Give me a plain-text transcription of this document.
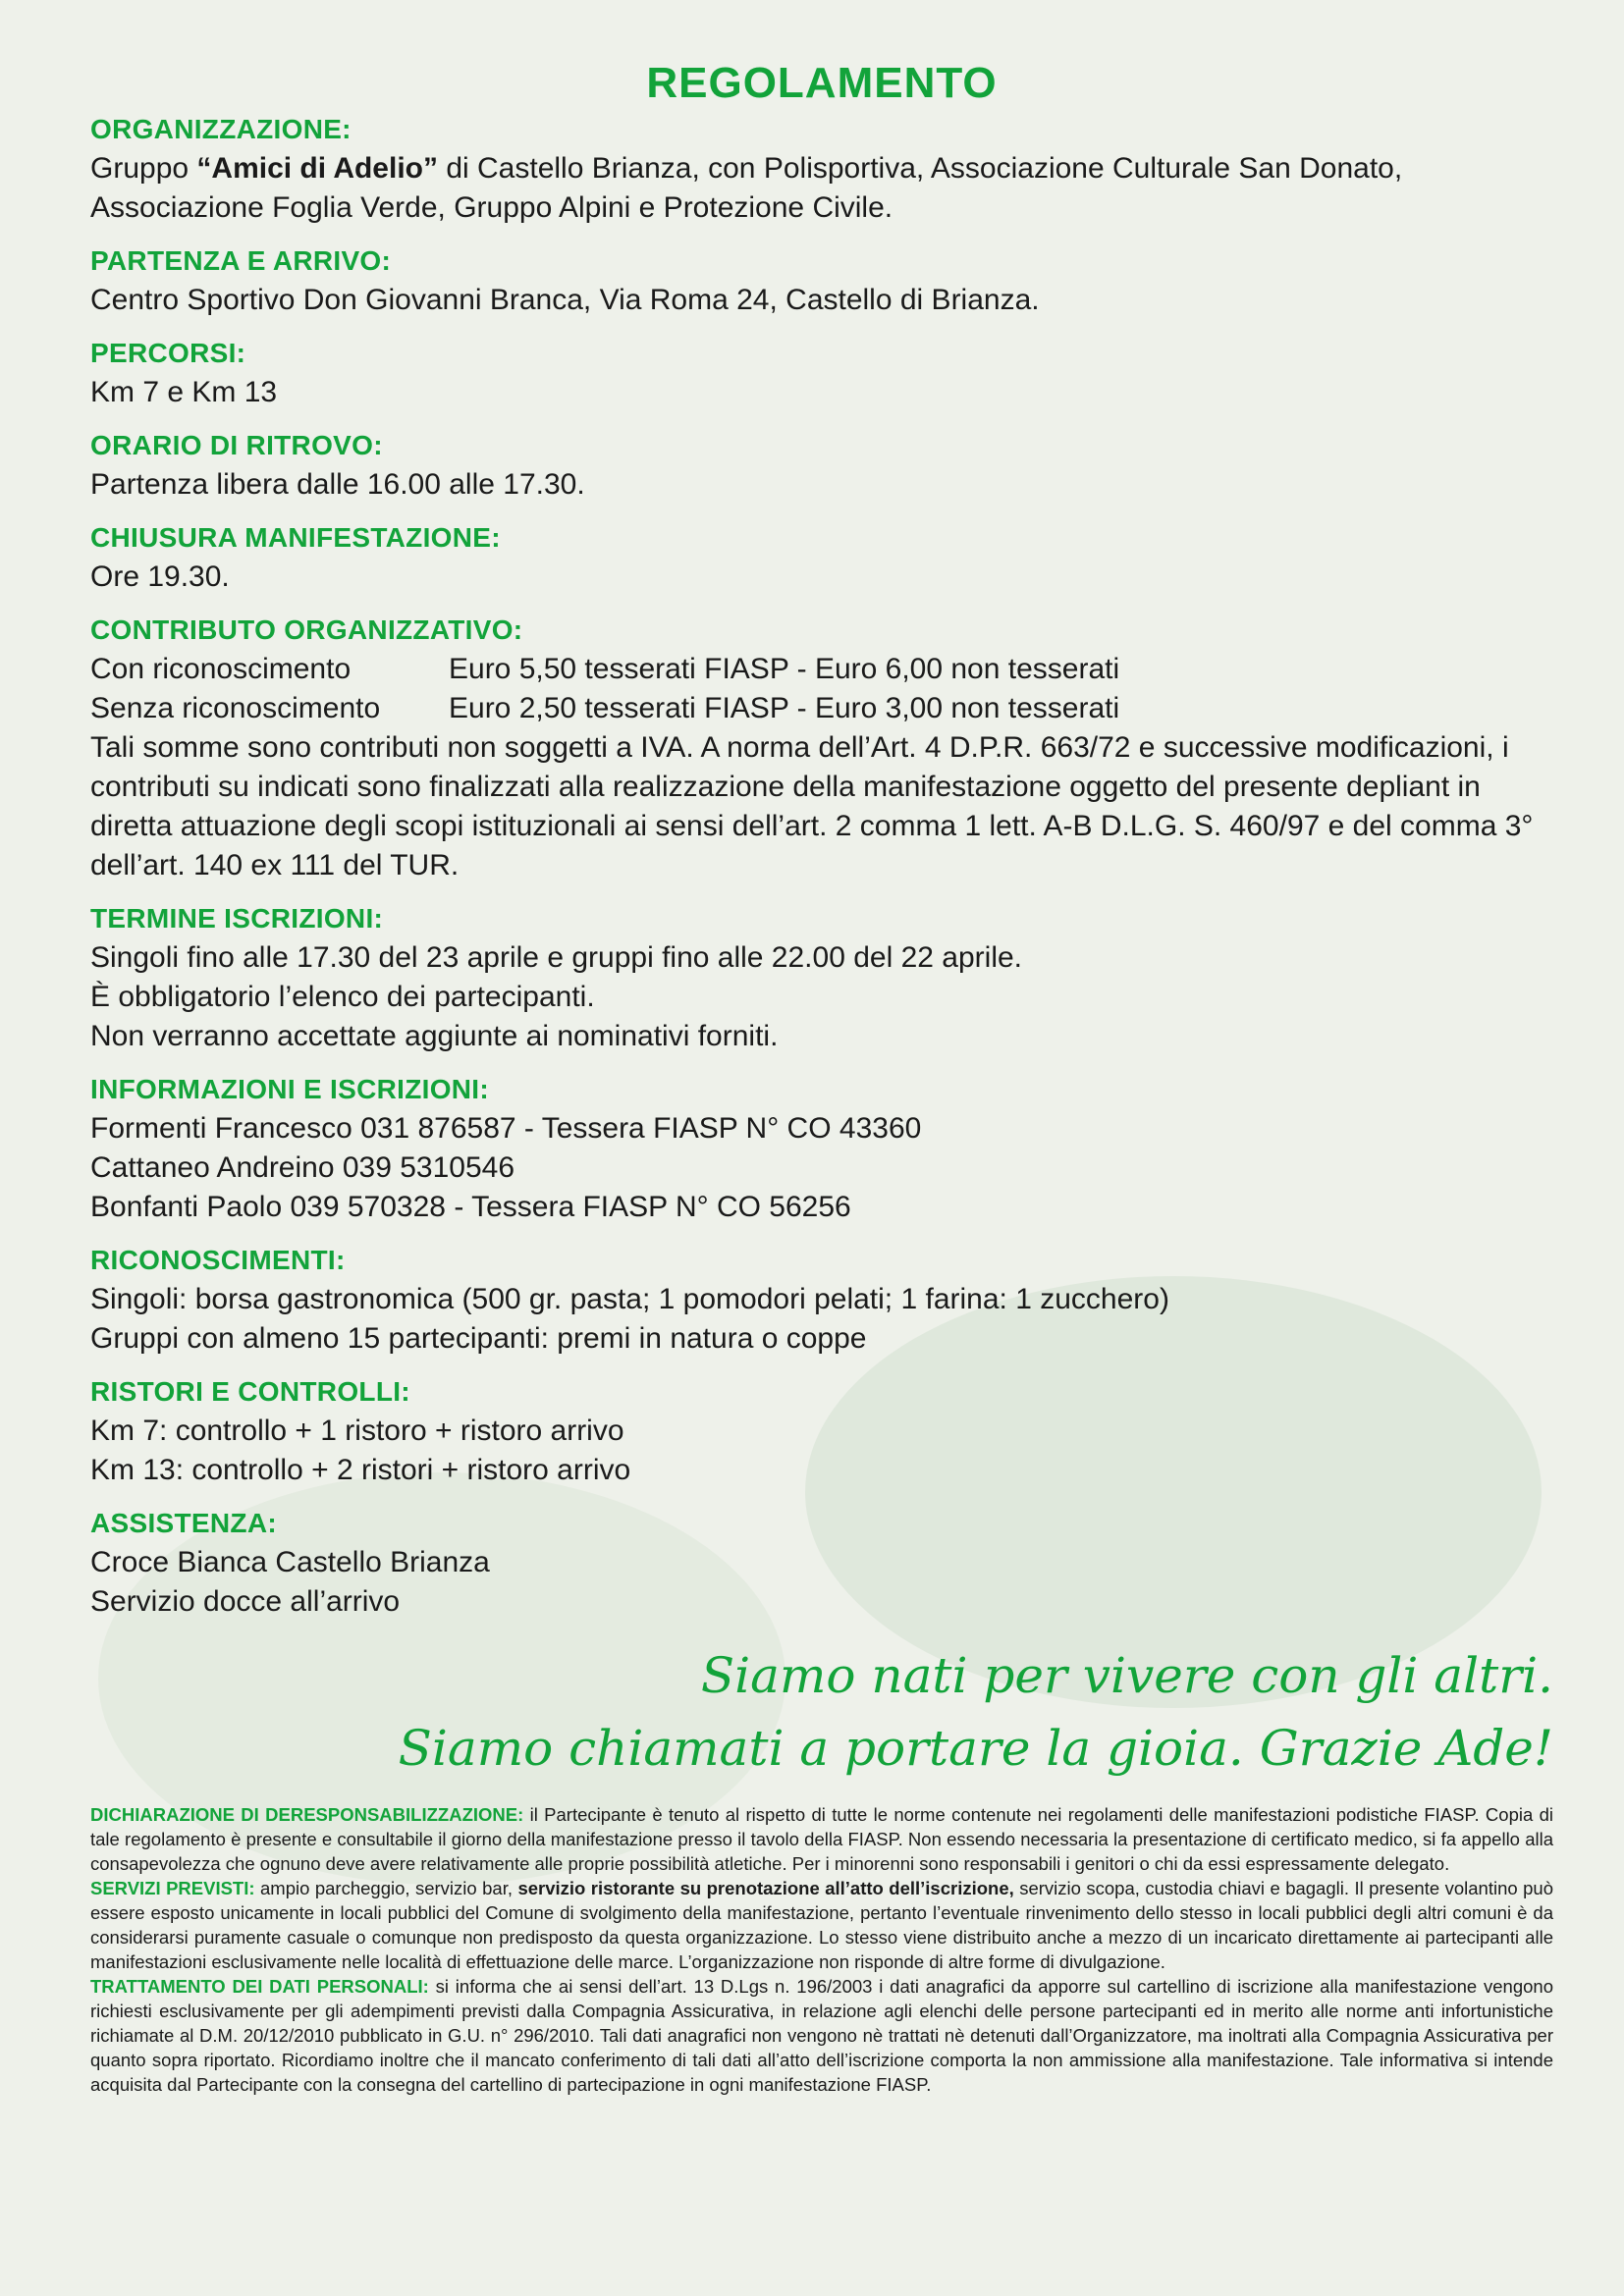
REGOLAMENTO
ORGANIZZAZIONE:

Gruppo “Amici di Adelio” di Castello Brianza, con Polisportiva, Associazione Culturale San Donato, Associazione Foglia Verde, Gruppo Alpini e Protezione Civile.

PARTENZA E ARRIVO:

Centro Sportivo Don Giovanni Branca, Via Roma 24, Castello di Brianza.

PERCORSI:

Km 7 e Km 13

ORARIO DI RITROVO:

Partenza libera dalle 16.00 alle 17.30.

CHIUSURA MANIFESTAZIONE:

Ore 19.30.

CONTRIBUTO ORGANIZZATIVO:
Con riconoscimento	Euro 5,50 tesserati FIASP - Euro 6,00 non tesserati
Senza riconoscimento	Euro 2,50 tesserati FIASP - Euro 3,00 non tesserati

Tali somme sono contributi non soggetti a IVA. A norma dell’Art. 4 D.P.R. 663/72 e successive modificazioni, i contributi su indicati sono finalizzati alla realizzazione della manifestazione oggetto del presente depliant in diretta attuazione degli scopi istituzionali ai sensi dell’art. 2 comma 1 lett. A-B D.L.G. S. 460/97 e del comma 3° dell’art. 140 ex 111 del TUR.

TERMINE ISCRIZIONI:

Singoli fino alle 17.30 del 23 aprile e gruppi fino alle 22.00 del 22 aprile.

È obbligatorio l’elenco dei partecipanti.

Non verranno accettate aggiunte ai nominativi forniti.

INFORMAZIONI E ISCRIZIONI:

Formenti Francesco 031 876587 - Tessera FIASP N° CO 43360

Cattaneo Andreino 039 5310546

Bonfanti Paolo 039 570328 - Tessera FIASP N° CO 56256

RICONOSCIMENTI:

Singoli: borsa gastronomica (500 gr. pasta; 1 pomodori pelati; 1 farina: 1 zucchero)

Gruppi con almeno 15 partecipanti: premi in natura o coppe

RISTORI E CONTROLLI:

Km 7: controllo + 1 ristoro + ristoro arrivo

Km 13: controllo + 2 ristori + ristoro arrivo

ASSISTENZA:

Croce Bianca Castello Brianza

Servizio docce all’arrivo

Siamo nati per vivere con gli altri.
Siamo chiamati a portare la gioia. Grazie Ade!
DICHIARAZIONE DI DERESPONSABILIZZAZIONE: il Partecipante è tenuto al rispetto di tutte le norme contenute nei regolamenti delle manifestazioni podistiche FIASP. Copia di tale regolamento è presente e consultabile il giorno della manifestazione presso il tavolo della FIASP. Non essendo necessaria la presentazione di certificato medico, si fa appello alla consapevolezza che ognuno deve avere relativamente alle proprie possibilità atletiche. Per i minorenni sono responsabili i genitori o chi da essi espressamente delegato.
SERVIZI PREVISTI: ampio parcheggio, servizio bar, servizio ristorante su prenotazione all’atto dell’iscrizione, servizio scopa, custodia chiavi e bagagli. Il presente volantino può essere esposto unicamente in locali pubblici del Comune di svolgimento della manifestazione, pertanto l’eventuale rinvenimento dello stesso in locali pubblici degli altri comuni è da considerarsi puramente casuale o comunque non predisposto da questa organizzazione. Lo stesso viene distribuito anche a mezzo di un incaricato direttamente ai partecipanti alle manifestazioni esclusivamente nelle località di effettuazione delle marce. L’organizzazione non risponde di altre forme di divulgazione.
TRATTAMENTO DEI DATI PERSONALI: si informa che ai sensi dell’art. 13 D.Lgs n. 196/2003 i dati anagrafici da apporre sul cartellino di iscrizione alla manifestazione vengono richiesti esclusivamente per gli adempimenti previsti dalla Compagnia Assicurativa, in relazione agli elenchi delle persone partecipanti ed in merito alle norme anti infortunistiche richiamate al D.M. 20/12/2010 pubblicato in G.U. n° 296/2010. Tali dati anagrafici non vengono nè trattati nè detenuti dall’Organizzatore, ma inoltrati alla Compagnia Assicurativa per quanto sopra riportato. Ricordiamo inoltre che il mancato conferimento di tali dati all’atto dell’iscrizione comporta la non ammissione alla manifestazione. Tale informativa si intende acquisita dal Partecipante con la consegna del cartellino di partecipazione in ogni manifestazione FIASP.
